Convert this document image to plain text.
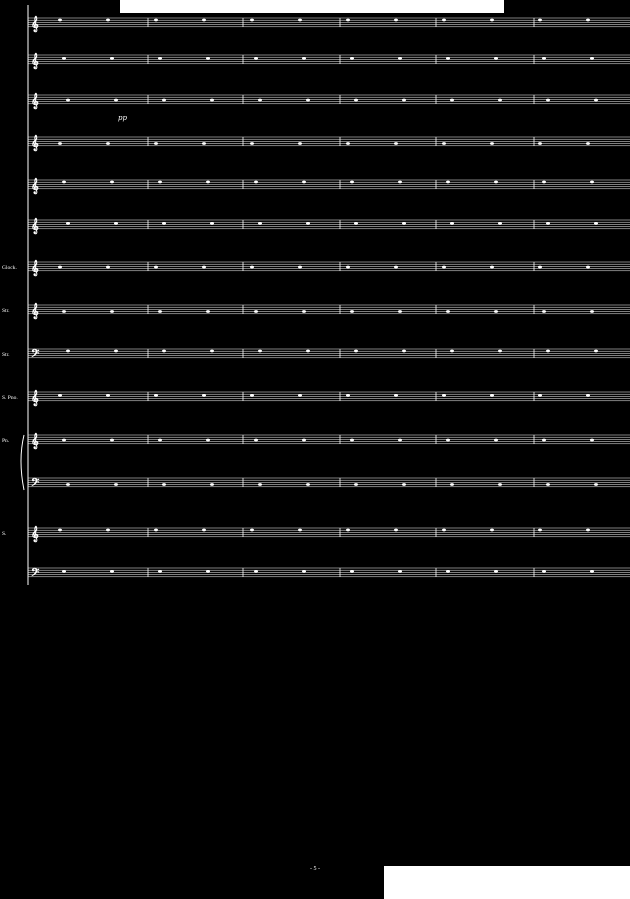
𝄞
𝄞
𝄞
𝄞
𝄞
𝄞
𝄞
𝄞
𝄢
𝄞
𝄞
𝄢
𝄞
𝄢
Glock.
Str.
Str.
S. Pno.
Pn.
S.
pp
- 5 -
